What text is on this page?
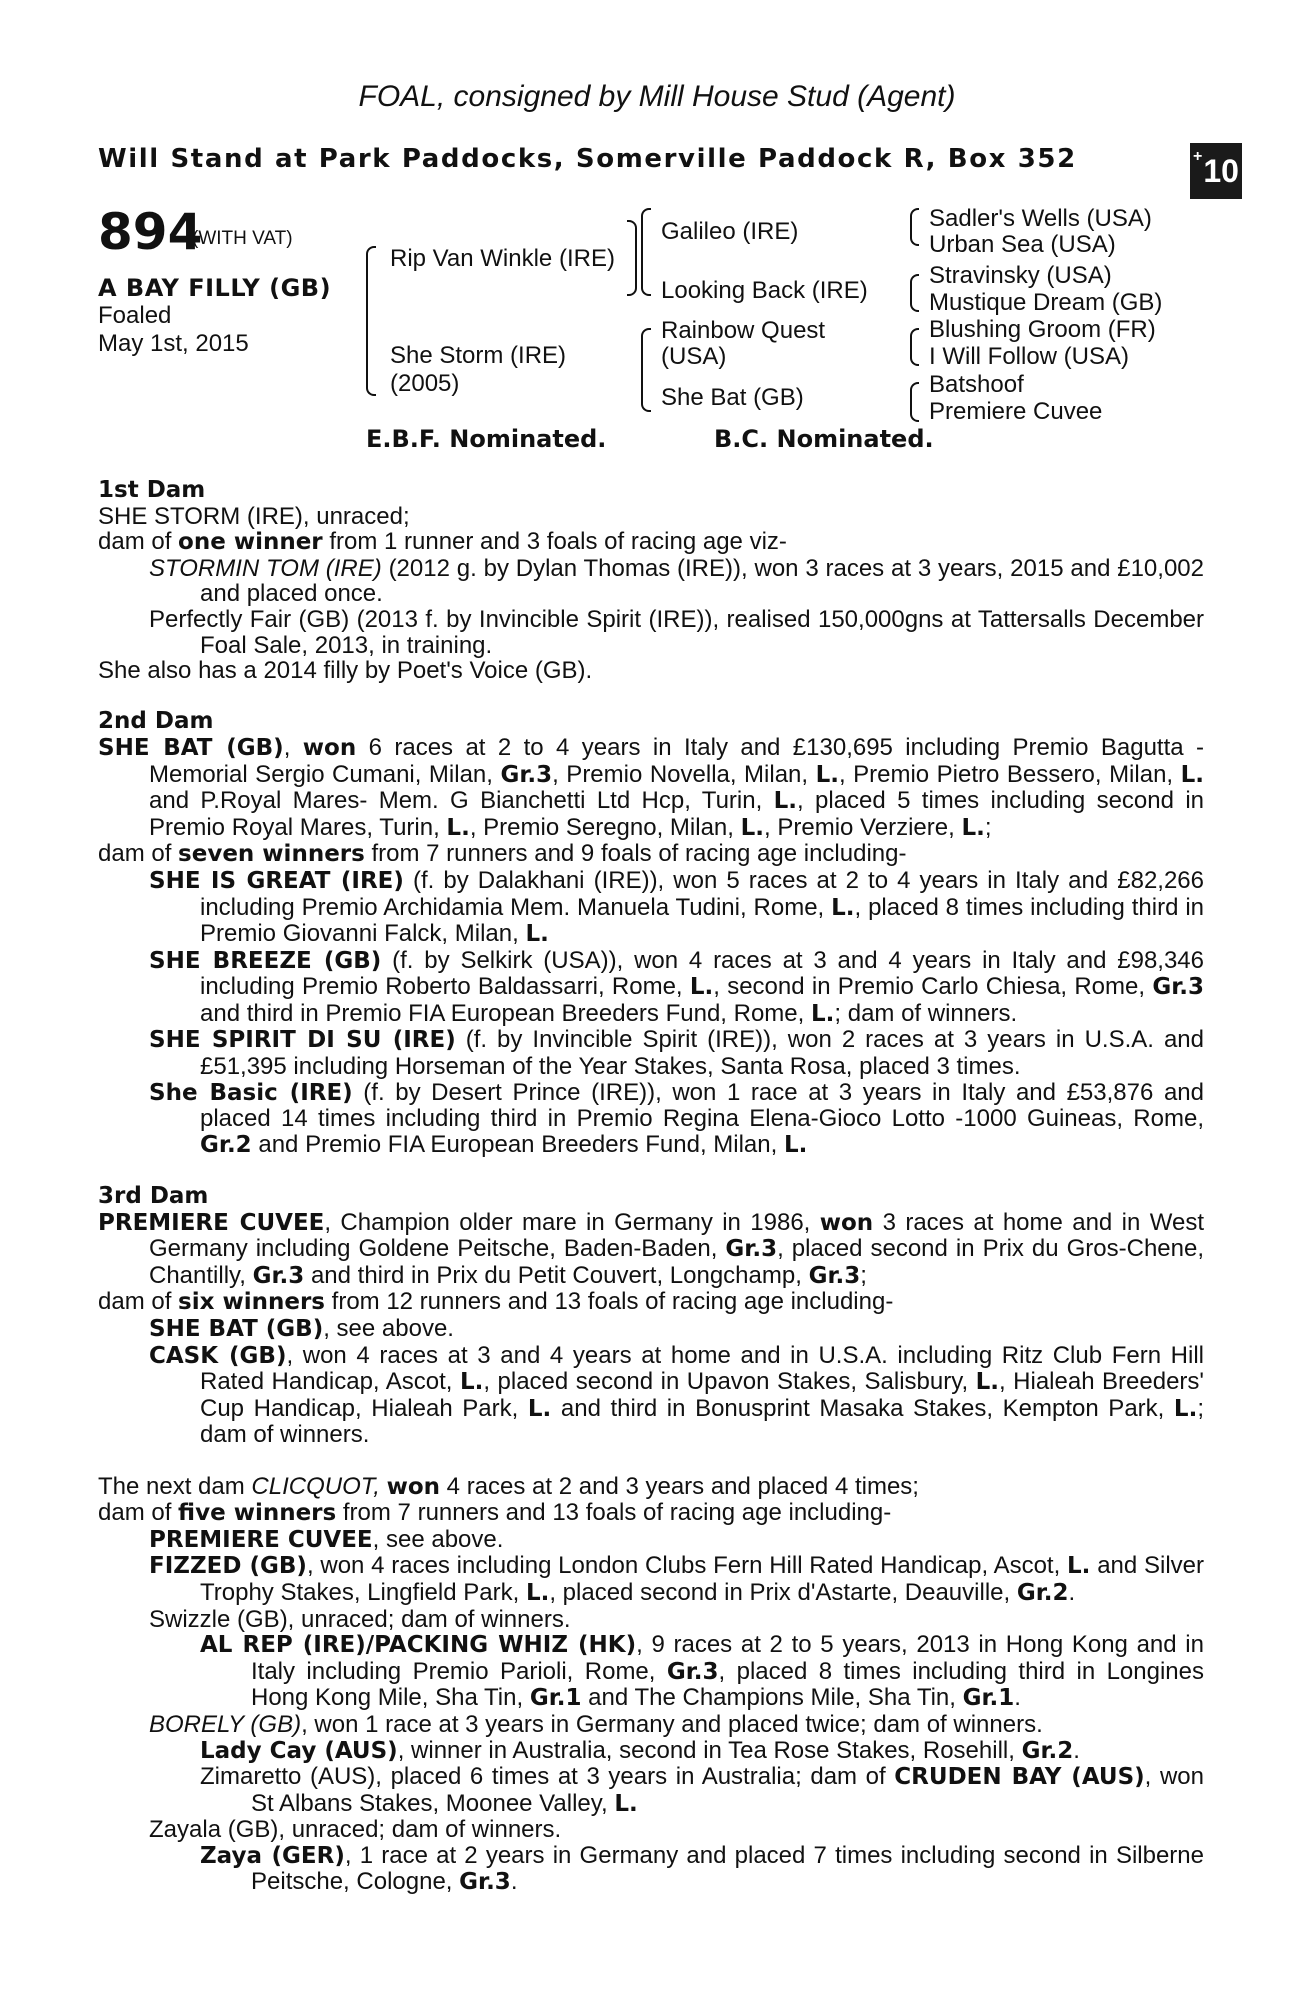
FOAL, consigned by Mill House Stud (Agent)
Will Stand at Park Paddocks, Somerville Paddock R, Box 352	+ 10
894
(WITH VAT)
A BAY FILLY (GB)
Foaled
May 1st, 2015
Rip Van Winkle (IRE)
She Storm (IRE)
(2005)
Galileo (IRE)
Looking Back (IRE)
Rainbow Quest
(USA)
She Bat (GB)
Sadler's Wells (USA)
Urban Sea (USA)
Stravinsky (USA)
Mustique Dream (GB)
Blushing Groom (FR)
I Will Follow (USA)
Batshoof
Premiere Cuvee
E.B.F. Nominated.	B.C. Nominated.

1st Dam

SHE STORM (IRE), unraced;

dam of one winner from 1 runner and 3 foals of racing age viz-

STORMIN TOM (IRE) (2012 g. by Dylan Thomas (IRE)), won 3 races at 3 years, 2015 and £10,002 and placed once.

Perfectly Fair (GB) (2013 f. by Invincible Spirit (IRE)), realised 150,000gns at Tattersalls December Foal Sale, 2013, in training.

She also has a 2014 filly by Poet's Voice (GB).

2nd Dam

SHE BAT (GB), won 6 races at 2 to 4 years in Italy and £130,695 including Premio Bagutta - Memorial Sergio Cumani, Milan, Gr.3, Premio Novella, Milan, L., Premio Pietro Bessero, Milan, L. and P.Royal Mares- Mem. G Bianchetti Ltd Hcp, Turin, L., placed 5 times including second in Premio Royal Mares, Turin, L., Premio Seregno, Milan, L., Premio Verziere, L.;

dam of seven winners from 7 runners and 9 foals of racing age including-

SHE IS GREAT (IRE) (f. by Dalakhani (IRE)), won 5 races at 2 to 4 years in Italy and £82,266 including Premio Archidamia Mem. Manuela Tudini, Rome, L., placed 8 times including third in Premio Giovanni Falck, Milan, L.

SHE BREEZE (GB) (f. by Selkirk (USA)), won 4 races at 3 and 4 years in Italy and £98,346 including Premio Roberto Baldassarri, Rome, L., second in Premio Carlo Chiesa, Rome, Gr.3 and third in Premio FIA European Breeders Fund, Rome, L.; dam of winners.

SHE SPIRIT DI SU (IRE) (f. by Invincible Spirit (IRE)), won 2 races at 3 years in U.S.A. and £51,395 including Horseman of the Year Stakes, Santa Rosa, placed 3 times.

She Basic (IRE) (f. by Desert Prince (IRE)), won 1 race at 3 years in Italy and £53,876 and placed 14 times including third in Premio Regina Elena-Gioco Lotto -1000 Guineas, Rome, Gr.2 and Premio FIA European Breeders Fund, Milan, L.

3rd Dam

PREMIERE CUVEE, Champion older mare in Germany in 1986, won 3 races at home and in West Germany including Goldene Peitsche, Baden-Baden, Gr.3, placed second in Prix du Gros-Chene, Chantilly, Gr.3 and third in Prix du Petit Couvert, Longchamp, Gr.3;

dam of six winners from 12 runners and 13 foals of racing age including-

SHE BAT (GB), see above.

CASK (GB), won 4 races at 3 and 4 years at home and in U.S.A. including Ritz Club Fern Hill Rated Handicap, Ascot, L., placed second in Upavon Stakes, Salisbury, L., Hialeah Breeders' Cup Handicap, Hialeah Park, L. and third in Bonusprint Masaka Stakes, Kempton Park, L.; dam of winners.

The next dam CLICQUOT, won 4 races at 2 and 3 years and placed 4 times;

dam of five winners from 7 runners and 13 foals of racing age including-

PREMIERE CUVEE, see above.

FIZZED (GB), won 4 races including London Clubs Fern Hill Rated Handicap, Ascot, L. and Silver Trophy Stakes, Lingfield Park, L., placed second in Prix d'Astarte, Deauville, Gr.2.

Swizzle (GB), unraced; dam of winners.

AL REP (IRE)/PACKING WHIZ (HK), 9 races at 2 to 5 years, 2013 in Hong Kong and in Italy including Premio Parioli, Rome, Gr.3, placed 8 times including third in Longines Hong Kong Mile, Sha Tin, Gr.1 and The Champions Mile, Sha Tin, Gr.1.

BORELY (GB), won 1 race at 3 years in Germany and placed twice; dam of winners.

Lady Cay (AUS), winner in Australia, second in Tea Rose Stakes, Rosehill, Gr.2.

Zimaretto (AUS), placed 6 times at 3 years in Australia; dam of CRUDEN BAY (AUS), won St Albans Stakes, Moonee Valley, L.

Zayala (GB), unraced; dam of winners.

Zaya (GER), 1 race at 2 years in Germany and placed 7 times including second in Silberne Peitsche, Cologne, Gr.3.
